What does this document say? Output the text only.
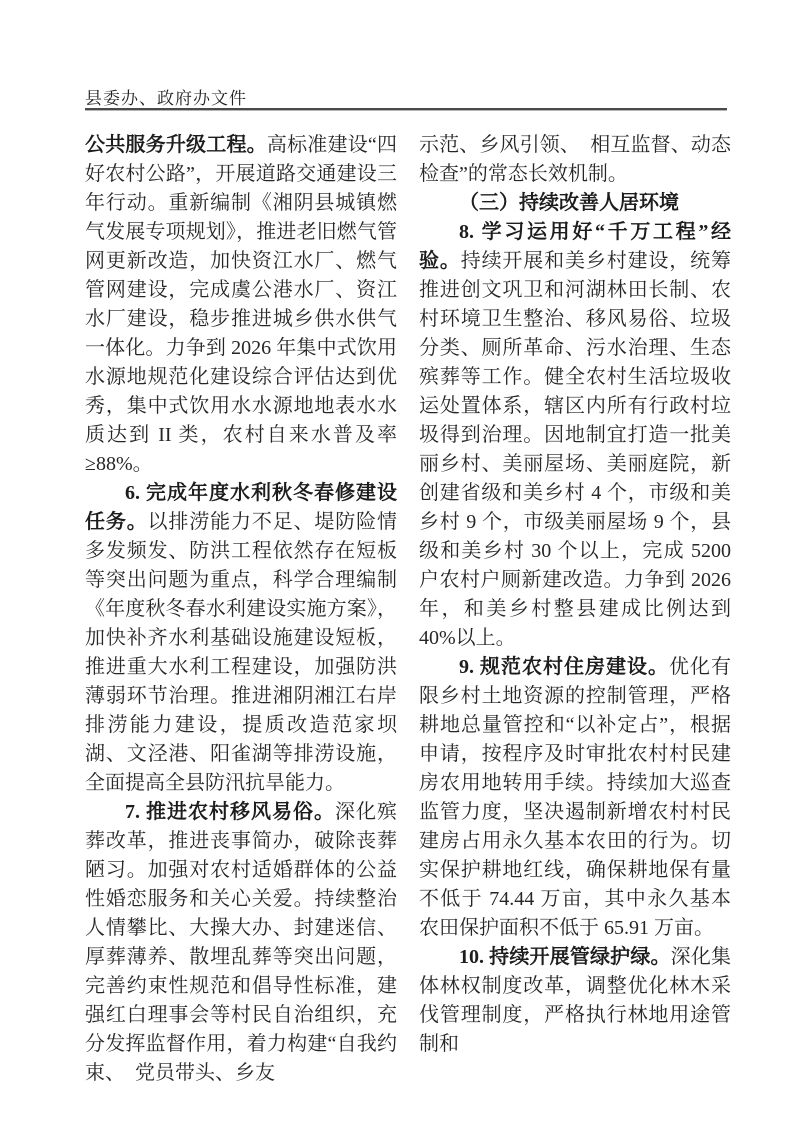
县委办、政府办文件

公共服务升级工程。高标准建设“四好农村公路”，开展道路交通建设三年行动。重新编制《湘阴县城镇燃气发展专项规划》，推进老旧燃气管网更新改造，加快资江水厂、燃气管网建设，完成虞公港水厂、资江水厂建设，稳步推进城乡供水供气一体化。力争到 2026 年集中式饮用水源地规范化建设综合评估达到优秀，集中式饮用水水源地地表水水质达到 II 类，农村自来水普及率≥88%。

6. 完成年度水利秋冬春修建设任务。以排涝能力不足、堤防险情多发频发、防洪工程依然存在短板等突出问题为重点，科学合理编制《年度秋冬春水利建设实施方案》，加快补齐水利基础设施建设短板，推进重大水利工程建设，加强防洪薄弱环节治理。推进湘阴湘江右岸排涝能力建设，提质改造范家坝湖、文泾港、阳雀湖等排涝设施，全面提高全县防汛抗旱能力。

7. 推进农村移风易俗。深化殡葬改革，推进丧事简办，破除丧葬陋习。加强对农村适婚群体的公益性婚恋服务和关心关爱。持续整治人情攀比、大操大办、封建迷信、厚葬薄养、散埋乱葬等突出问题，完善约束性规范和倡导性标准，建强红白理事会等村民自治组织，充分发挥监督作用，着力构建“自我约束、　党员带头、乡友

示范、乡风引领、　相互监督、动态检查”的常态长效机制。

（三）持续改善人居环境

8. 学习运用好“千万工程”经验。持续开展和美乡村建设，统筹推进创文巩卫和河湖林田长制、农村环境卫生整治、移风易俗、垃圾分类、厕所革命、污水治理、生态殡葬等工作。健全农村生活垃圾收运处置体系，辖区内所有行政村垃圾得到治理。因地制宜打造一批美丽乡村、美丽屋场、美丽庭院，新创建省级和美乡村 4 个，市级和美乡村 9 个，市级美丽屋场 9 个，县级和美乡村 30 个以上，完成 5200 户农村户厕新建改造。力争到 2026 年，和美乡村整县建成比例达到 40%以上。

9. 规范农村住房建设。优化有限乡村土地资源的控制管理，严格耕地总量管控和“以补定占”，根据申请，按程序及时审批农村村民建房农用地转用手续。持续加大巡查监管力度，坚决遏制新增农村村民建房占用永久基本农田的行为。切实保护耕地红线，确保耕地保有量不低于 74.44 万亩，其中永久基本农田保护面积不低于 65.91 万亩。

10. 持续开展管绿护绿。深化集体林权制度改革，调整优化林木采伐管理制度，严格执行林地用途管制和
